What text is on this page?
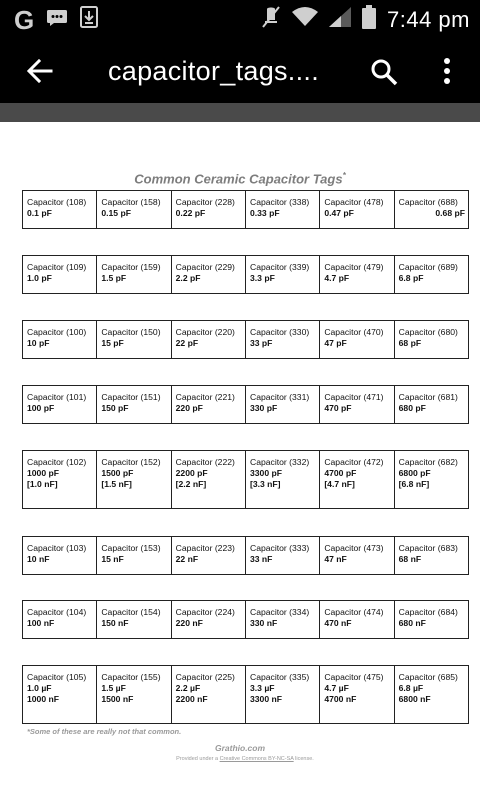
G	7:44 pm
capacitor_tags....
Common Ceramic Capacitor Tags*
Capacitor (108)
0.1 pF

Capacitor (158)
0.15 pF

Capacitor (228)
0.22 pF

Capacitor (338)
0.33 pF

Capacitor (478)
0.47 pF

Capacitor (688)
0.68 pF
Capacitor (109)
1.0 pF

Capacitor (159)
1.5 pF

Capacitor (229)
2.2 pF

Capacitor (339)
3.3 pF

Capacitor (479)
4.7 pF

Capacitor (689)
6.8 pF
Capacitor (100)
10 pF

Capacitor (150)
15 pF

Capacitor (220)
22 pF

Capacitor (330)
33 pF

Capacitor (470)
47 pF

Capacitor (680)
68 pF
Capacitor (101)
100 pF

Capacitor (151)
150 pF

Capacitor (221)
220 pF

Capacitor (331)
330 pF

Capacitor (471)
470 pF

Capacitor (681)
680 pF
Capacitor (102)
1000 pF
[1.0 nF]

Capacitor (152)
1500 pF
[1.5 nF]

Capacitor (222)
2200 pF
[2.2 nF]

Capacitor (332)
3300 pF
[3.3 nF]

Capacitor (472)
4700 pF
[4.7 nF]

Capacitor (682)
6800 pF
[6.8 nF]
Capacitor (103)
10 nF

Capacitor (153)
15 nF

Capacitor (223)
22 nF

Capacitor (333)
33 nF

Capacitor (473)
47 nF

Capacitor (683)
68 nF
Capacitor (104)
100 nF

Capacitor (154)
150 nF

Capacitor (224)
220 nF

Capacitor (334)
330 nF

Capacitor (474)
470 nF

Capacitor (684)
680 nF
Capacitor (105)
1.0 µF
1000 nF

Capacitor (155)
1.5 µF
1500 nF

Capacitor (225)
2.2 µF
2200 nF

Capacitor (335)
3.3 µF
3300 nF

Capacitor (475)
4.7 µF
4700 nF

Capacitor (685)
6.8 µF
6800 nF
*Some of these are really not that common.
Grathio.com
Provided under a Creative Commons BY-NC-SA license.
